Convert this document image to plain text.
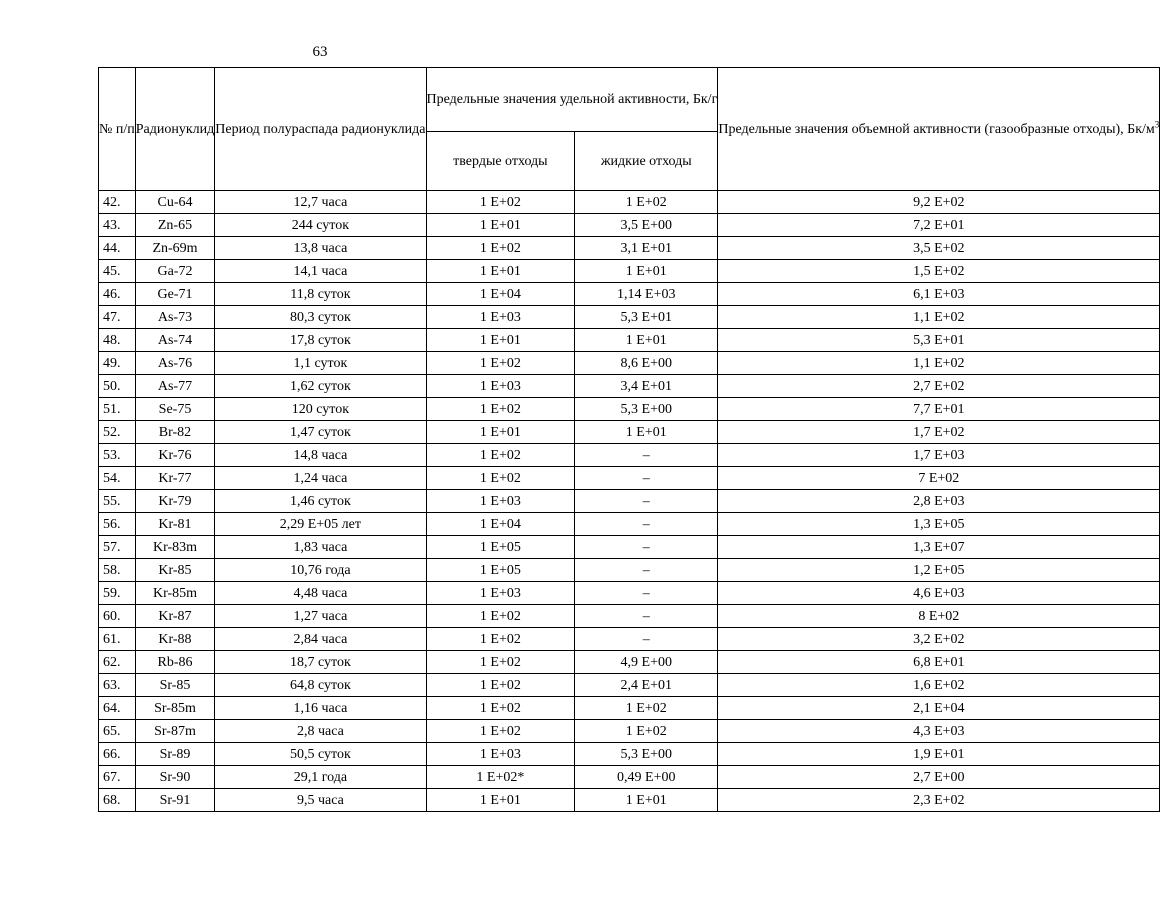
63
№ п/п	Радионуклид	Период полураспада радионуклида	Предельные значения удельной активности, Бк/г		Предельные значения объемной активности (газообразные отходы), $Бк/м^3$
			твердые отходы	жидкие отходы	
42.	Cu-64	12,7 часа	1 E+02	1 E+02	9,2 E+02
43.	Zn-65	244 суток	1 E+01	3,5 E+00	7,2 E+01
44.	Zn-69m	13,8 часа	1 E+02	3,1 E+01	3,5 E+02
45.	Ga-72	14,1 часа	1 E+01	1 E+01	1,5 E+02
46.	Ge-71	11,8 суток	1 E+04	1,14 E+03	6,1 E+03
47.	As-73	80,3 суток	1 E+03	5,3 E+01	1,1 E+02
48.	As-74	17,8 суток	1 E+01	1 E+01	5,3 E+01
49.	As-76	1,1 суток	1 E+02	8,6 E+00	1,1 E+02
50.	As-77	1,62 суток	1 E+03	3,4 E+01	2,7 E+02
51.	Se-75	120 суток	1 E+02	5,3 E+00	7,7 E+01
52.	Br-82	1,47 суток	1 E+01	1 E+01	1,7 E+02
53.	Kr-76	14,8 часа	1 E+02	–	1,7 E+03
54.	Kr-77	1,24 часа	1 E+02	–	7 E+02
55.	Kr-79	1,46 суток	1 E+03	–	2,8 E+03
56.	Kr-81	2,29 E+05 лет	1 E+04	–	1,3 E+05
57.	Kr-83m	1,83 часа	1 E+05	–	1,3 E+07
58.	Kr-85	10,76 года	1 E+05	–	1,2 E+05
59.	Kr-85m	4,48 часа	1 E+03	–	4,6 E+03
60.	Kr-87	1,27 часа	1 E+02	–	8 E+02
61.	Kr-88	2,84 часа	1 E+02	–	3,2 E+02
62.	Rb-86	18,7 суток	1 E+02	4,9 E+00	6,8 E+01
63.	Sr-85	64,8 суток	1 E+02	2,4 E+01	1,6 E+02
64.	Sr-85m	1,16 часа	1 E+02	1 E+02	2,1 E+04
65.	Sr-87m	2,8 часа	1 E+02	1 E+02	4,3 E+03
66.	Sr-89	50,5 суток	1 E+03	5,3 E+00	1,9 E+01
67.	Sr-90	29,1 года	1 E+02*	0,49 E+00	2,7 E+00
68.	Sr-91	9,5 часа	1 E+01	1 E+01	2,3 E+02
